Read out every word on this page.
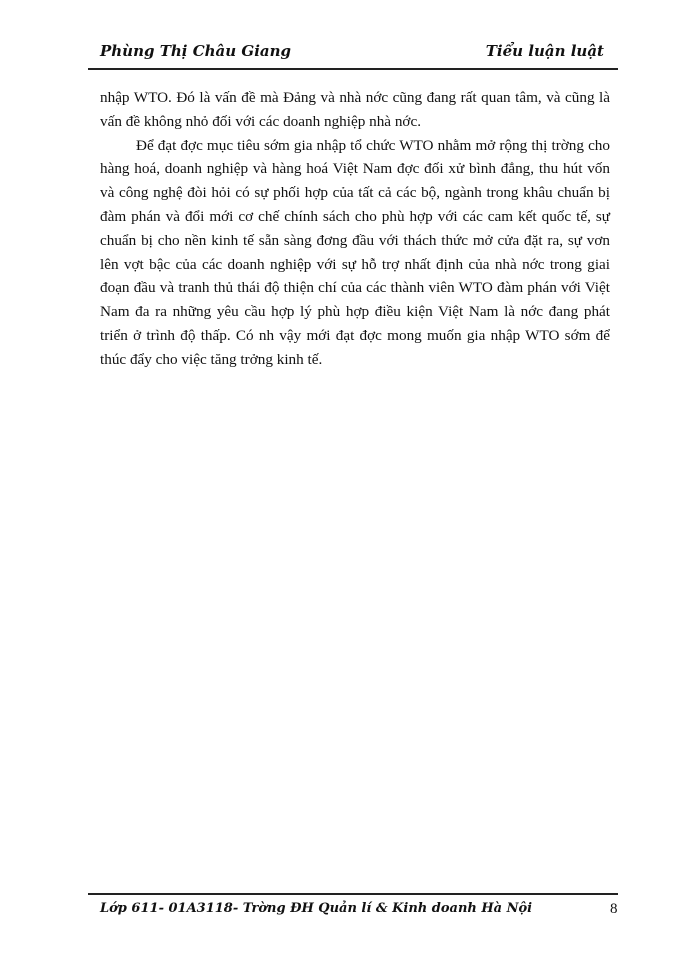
Phùng Thị Châu Giang	Tiểu luận luật

nhập WTO. Đó là vấn đề mà Đảng và nhà nớc cũng đang rất quan tâm, và cũng là vấn đề không nhỏ đối với các doanh nghiệp nhà nớc.

Để đạt đợc mục tiêu sớm gia nhập tổ chức WTO nhằm mở rộng thị trờng cho hàng hoá, doanh nghiệp và hàng hoá Việt Nam đợc đối xử bình đẳng, thu hút vốn và công nghệ đòi hỏi có sự phối hợp của tất cả các bộ, ngành trong khâu chuẩn bị đàm phán và đổi mới cơ chế chính sách cho phù hợp với các cam kết quốc tế, sự chuẩn bị cho nền kinh tế sẵn sàng đơng đầu với thách thức mở cửa đặt ra, sự vơn lên vợt bậc của các doanh nghiệp với sự hỗ trợ nhất định của nhà nớc trong giai đoạn đầu và tranh thủ thái độ thiện chí của các thành viên WTO đàm phán với Việt Nam đa ra những yêu cầu hợp lý phù hợp điều kiện Việt Nam là nớc đang phát triển ở trình độ thấp. Có nh vậy mới đạt đợc mong muốn gia nhập WTO sớm để thúc đẩy cho việc tăng trởng kinh tế.

Lớp 611- 01A3118- Trờng ĐH Quản lí & Kinh doanh Hà Nội	8
